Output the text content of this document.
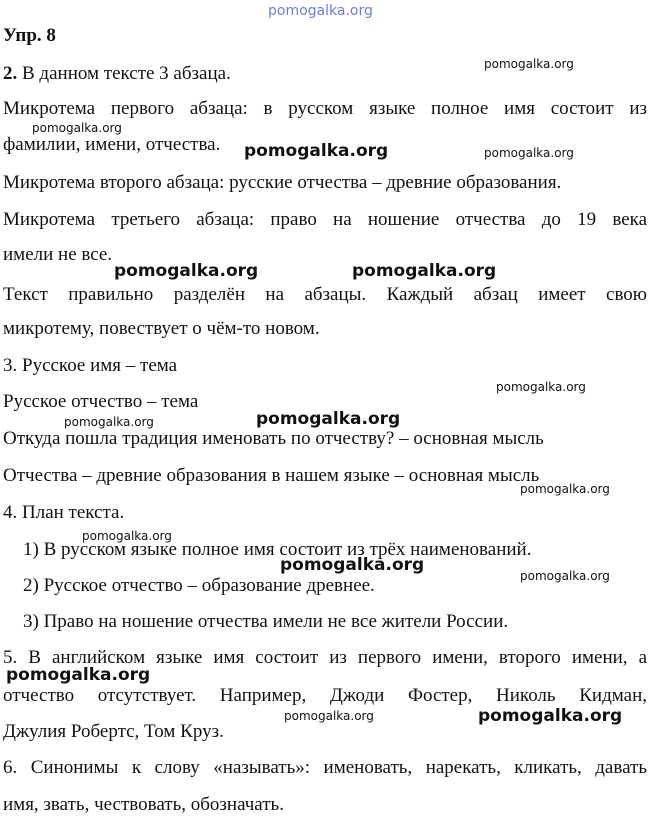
pomogalka.org
Упр. 8
2. В данном тексте 3 абзаца.
Микротема первого абзаца: в русском языке полное имя состоит из
фамилии, имени, отчества.
Микротема второго абзаца: русские отчества – древние образования.
Микротема третьего абзаца: право на ношение отчества до 19 века
имели не все.
Текст правильно разделён на абзацы. Каждый абзац имеет свою
микротему, повествует о чём-то новом.
3. Русское имя – тема
Русское отчество – тема
Откуда пошла традиция именовать по отчеству? – основная мысль
Отчества – древние образования в нашем языке – основная мысль
4. План текста.
1) В русском языке полное имя состоит из трёх наименований.
2) Русское отчество – образование древнее.
3) Право на ношение отчества имели не все жители России.
5. В английском языке имя состоит из первого имени, второго имени, а
отчество отсутствует. Например, Джоди Фостер, Николь Кидман,
Джулия Робертс, Том Круз.
6. Синонимы к слову «называть»: именовать, нарекать, кликать, давать
имя, звать, чествовать, обозначать.
pomogalka.org
pomogalka.org
pomogalka.org	pomogalka.org
pomogalka.org	pomogalka.org
pomogalka.org
pomogalka.org
pomogalka.org
pomogalka.org
pomogalka.org
pomogalka.org
pomogalka.org
pomogalka.org
pomogalka.org	pomogalka.org
